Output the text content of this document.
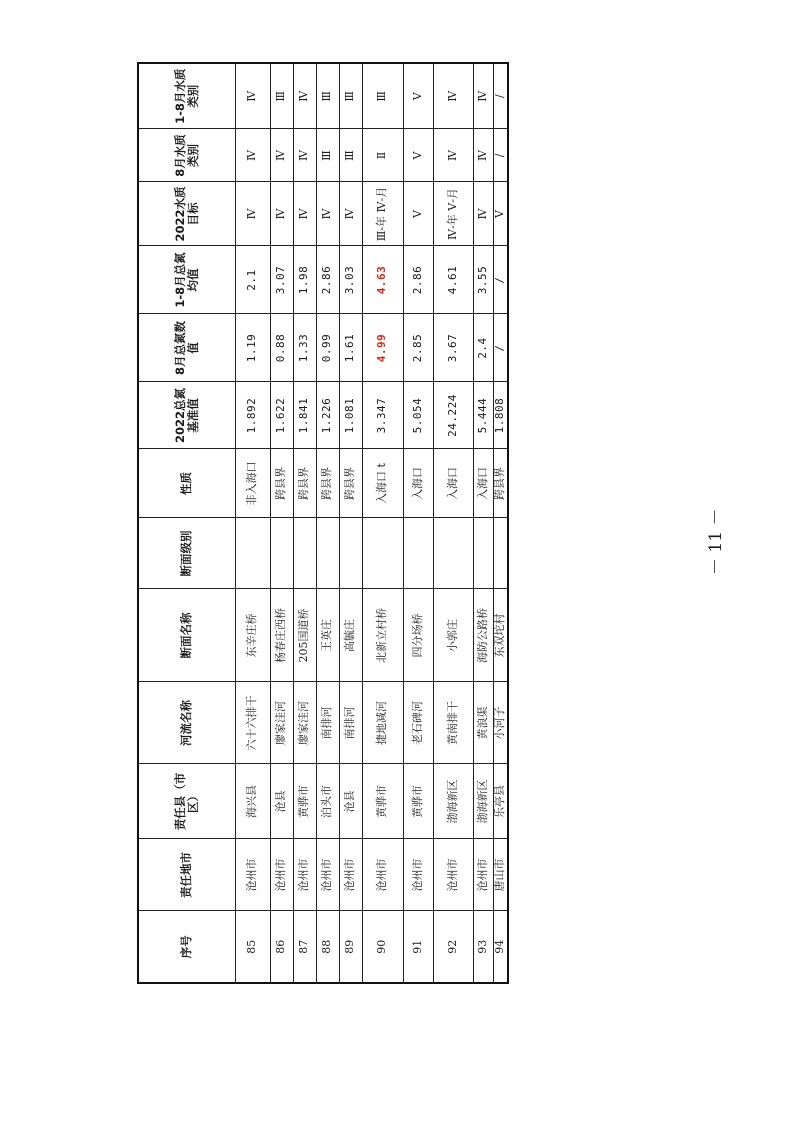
序号	责任地市	责任县（市区）	河流名称	断面名称	断面级别	性质	2022总氮基准值	8月总氮数值	1-8月总氮均值	2022水质目标	8月水质类别	1-8月水质类别
85	沧州市	海兴县	六十六排干	东辛庄桥		非入海口	1.892	1.19	2.1	Ⅳ	Ⅳ	Ⅳ
86	沧州市	沧县	廖家洼河	杨春庄西桥		跨县界	1.622	0.88	3.07	Ⅳ	Ⅳ	Ⅲ
87	沧州市	黄骅市	廖家洼河	205国道桥		跨县界	1.841	1.33	1.98	Ⅳ	Ⅳ	Ⅳ
88	沧州市	泊头市	南排河	王英庄		跨县界	1.226	0.99	2.86	Ⅳ	Ⅲ	Ⅲ
89	沧州市	沧县	南排河	高毓庄		跨县界	1.081	1.61	3.03	Ⅳ	Ⅲ	Ⅲ
90	沧州市	黄骅市	捷地减河	北新立村桥		入海口 t	3.347	4.99	4.63	Ⅲ-年 Ⅳ-月	Ⅱ	Ⅲ
91	沧州市	黄骅市	老石碑河	四分场桥		入海口	5.054	2.85	2.86	Ⅴ	Ⅴ	Ⅴ
92	沧州市	渤海新区	黄南排干	小郭庄		入海口	24.224	3.67	4.61	Ⅳ-年 Ⅴ-月	Ⅳ	Ⅳ
93	沧州市	渤海新区	黄浪渠	海防公路桥		入海口	5.444	2.4	3.55	Ⅳ	Ⅳ	Ⅳ
94	唐山市	乐亭县	小河子	东双坨村		跨县界	1.808	/	/	Ⅴ	/	/
－ 11 －
